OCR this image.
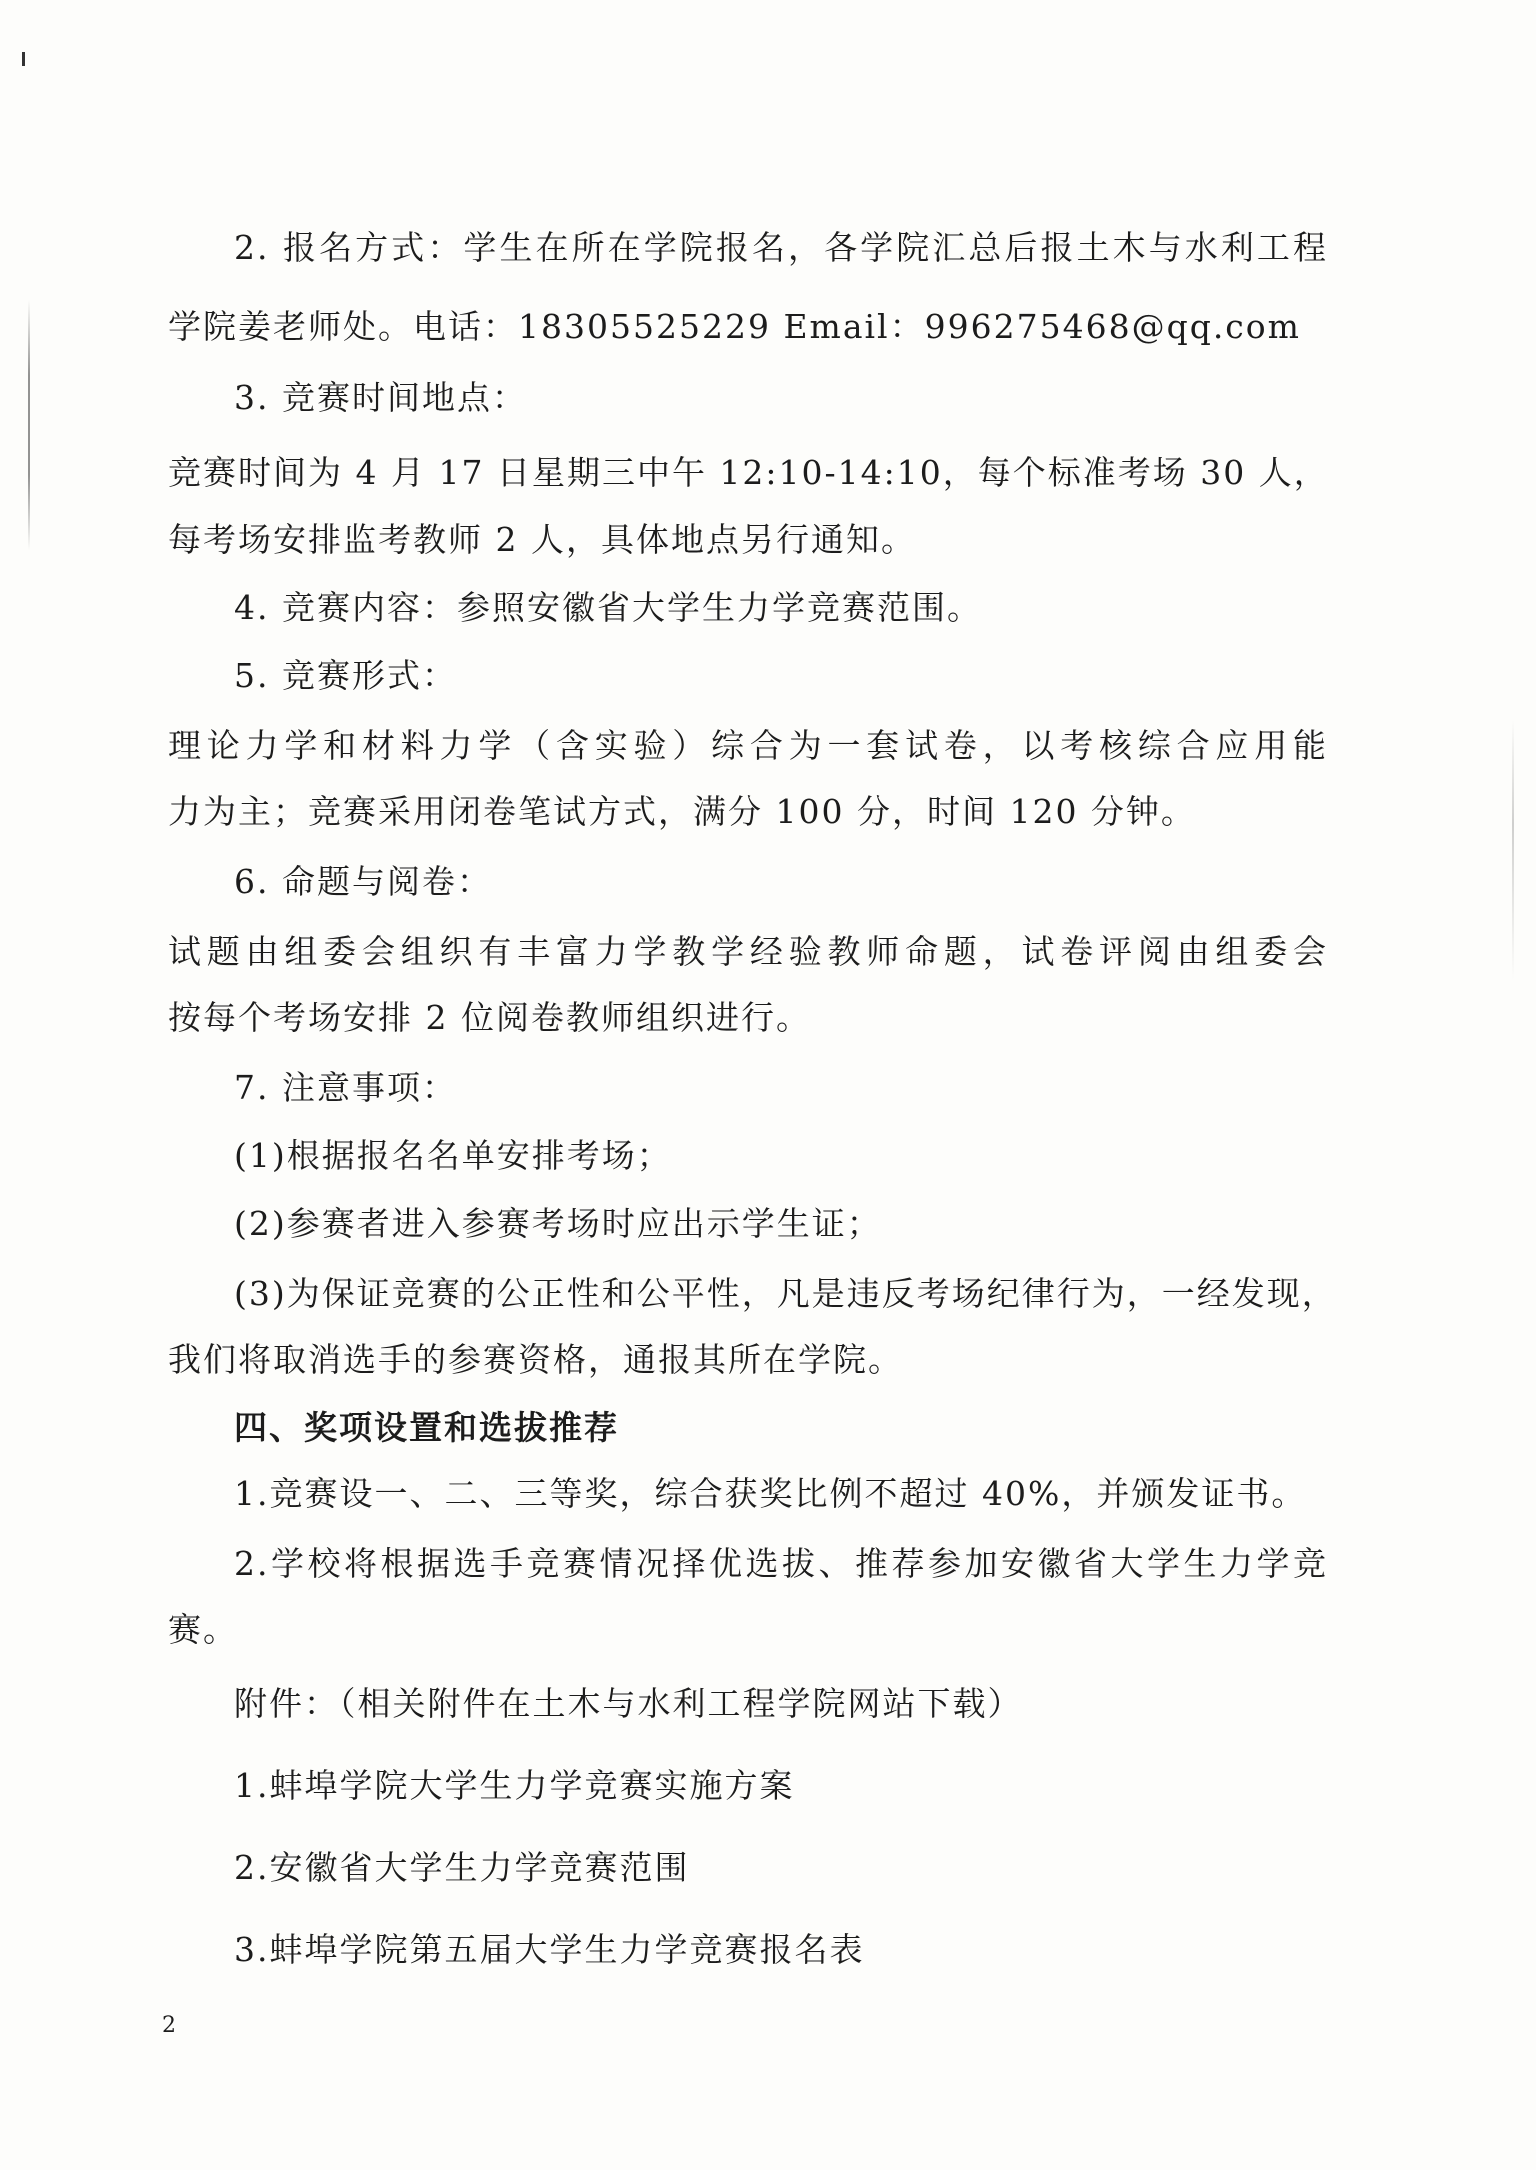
2. 报名方式：学生在所在学院报名，各学院汇总后报土木与水利工程
学院姜老师处。电话：18305525229 Email：996275468@qq.com
3. 竞赛时间地点：
竞赛时间为 4 月 17 日星期三中午 12:10-14:10，每个标准考场 30 人，
每考场安排监考教师 2 人，具体地点另行通知。
4. 竞赛内容：参照安徽省大学生力学竞赛范围。
5. 竞赛形式：
理论力学和材料力学（含实验）综合为一套试卷，以考核综合应用能
力为主；竞赛采用闭卷笔试方式，满分 100 分，时间 120 分钟。
6. 命题与阅卷：
试题由组委会组织有丰富力学教学经验教师命题，试卷评阅由组委会
按每个考场安排 2 位阅卷教师组织进行。
7. 注意事项：
(1)根据报名名单安排考场；
(2)参赛者进入参赛考场时应出示学生证；
(3)为保证竞赛的公正性和公平性，凡是违反考场纪律行为，一经发现，
我们将取消选手的参赛资格，通报其所在学院。
四、奖项设置和选拔推荐
1.竞赛设一、二、三等奖，综合获奖比例不超过 40%，并颁发证书。
2.学校将根据选手竞赛情况择优选拔、推荐参加安徽省大学生力学竞
赛。
附件：（相关附件在土木与水利工程学院网站下载）
1.蚌埠学院大学生力学竞赛实施方案
2.安徽省大学生力学竞赛范围
3.蚌埠学院第五届大学生力学竞赛报名表
2
